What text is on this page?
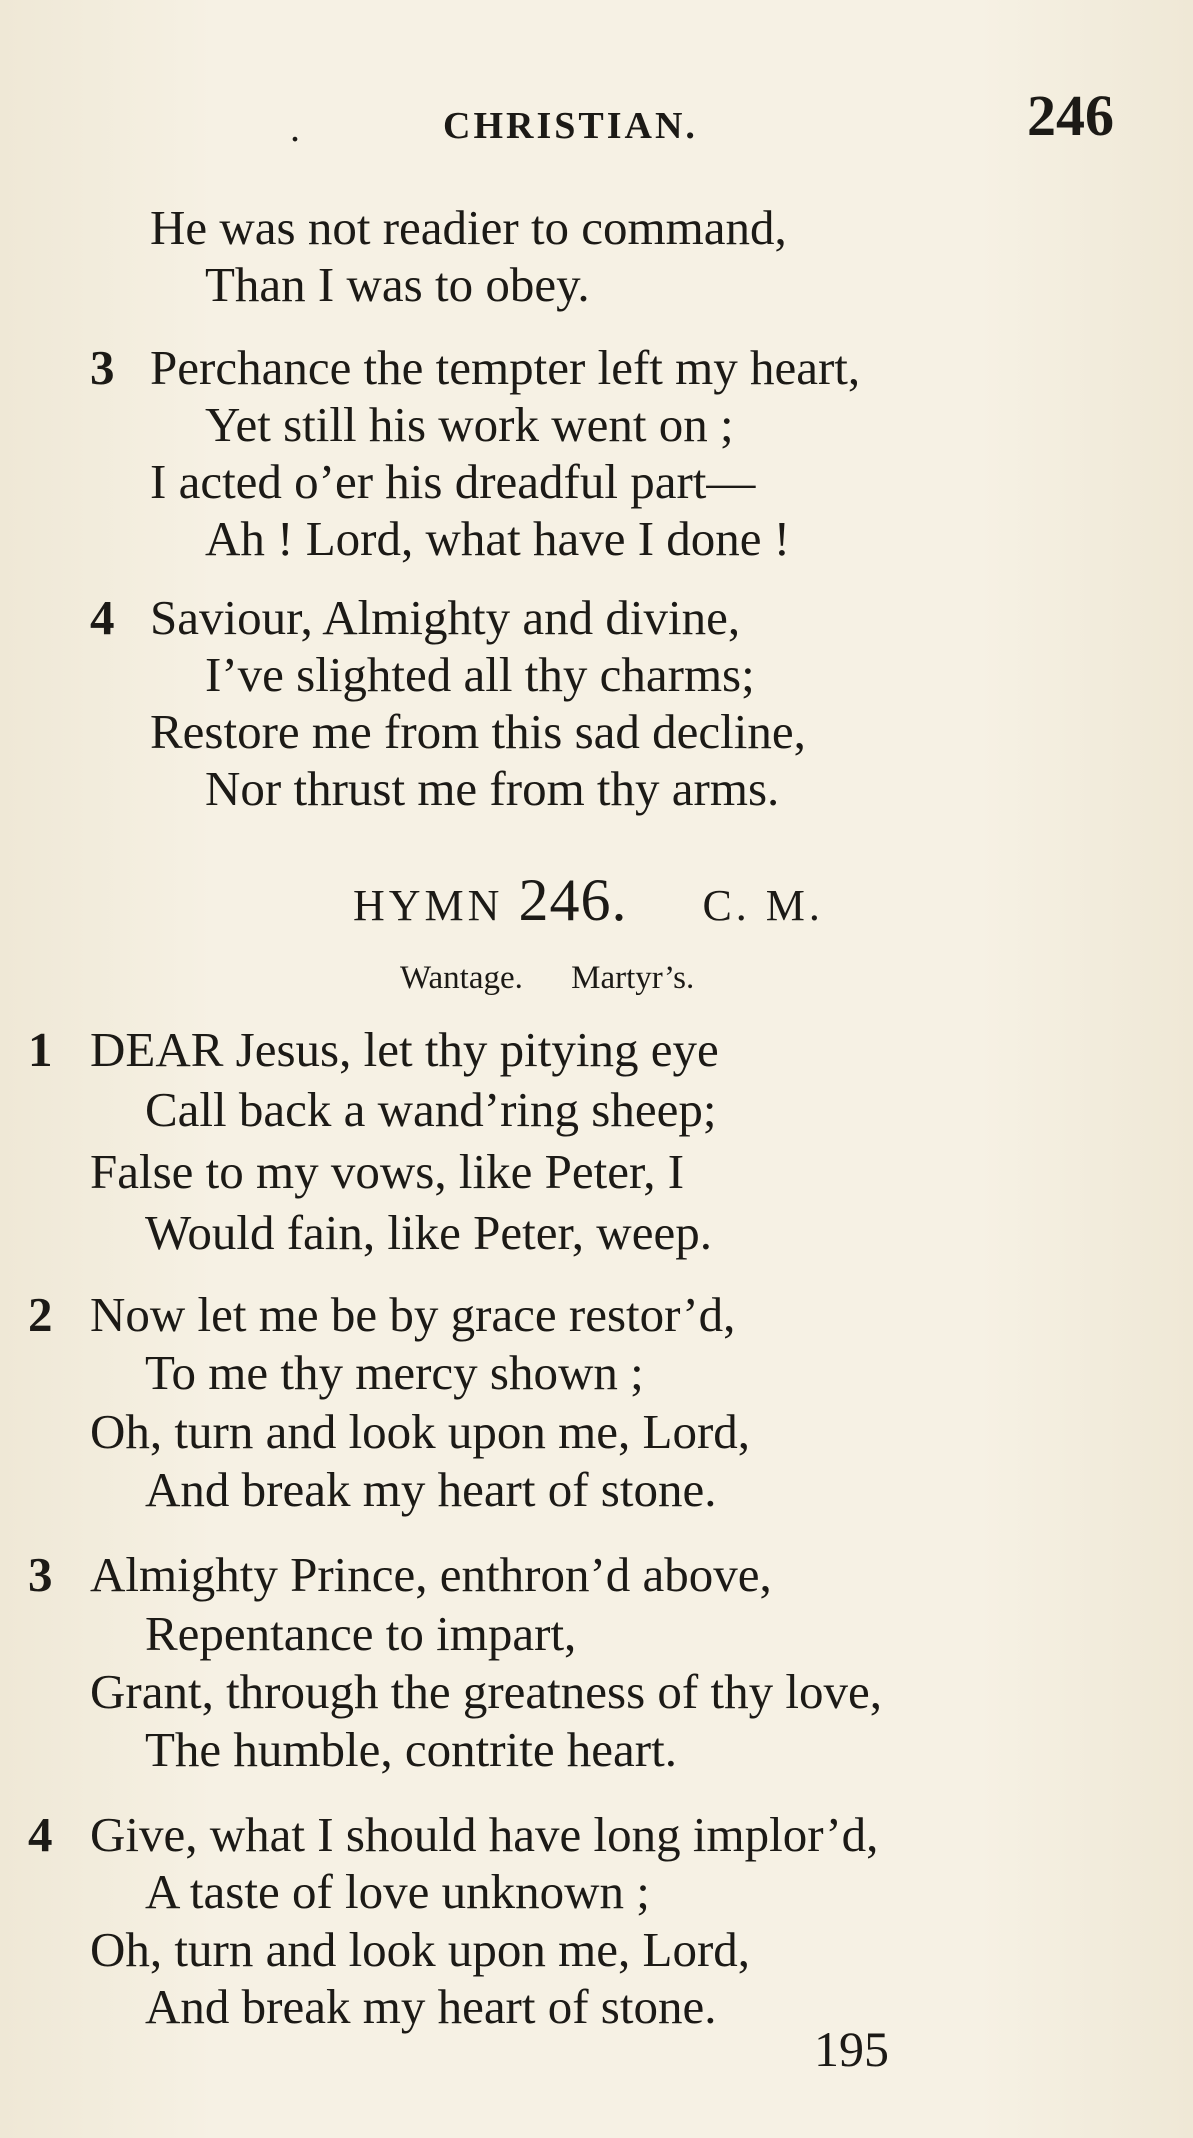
.	CHRISTIAN.	246
He was not readier to command,
Than I was to obey.
3 Perchance the tempter left my heart,
Yet still his work went on ;
I acted o’er his dreadful part—
Ah ! Lord, what have I done !
4 Saviour, Almighty and divine,
I’ve slighted all thy charms;
Restore me from this sad decline,
Nor thrust me from thy arms.
HYMN 246. C. M.
Wantage. Martyr’s.
1 DEAR Jesus, let thy pitying eye
Call back a wand’ring sheep;
False to my vows, like Peter, I
Would fain, like Peter, weep.
2 Now let me be by grace restor’d,
To me thy mercy shown ;
Oh, turn and look upon me, Lord,
And break my heart of stone.
3 Almighty Prince, enthron’d above,
Repentance to impart,
Grant, through the greatness of thy love,
The humble, contrite heart.
4 Give, what I should have long implor’d,
A taste of love unknown ;
Oh, turn and look upon me, Lord,
And break my heart of stone.
195
